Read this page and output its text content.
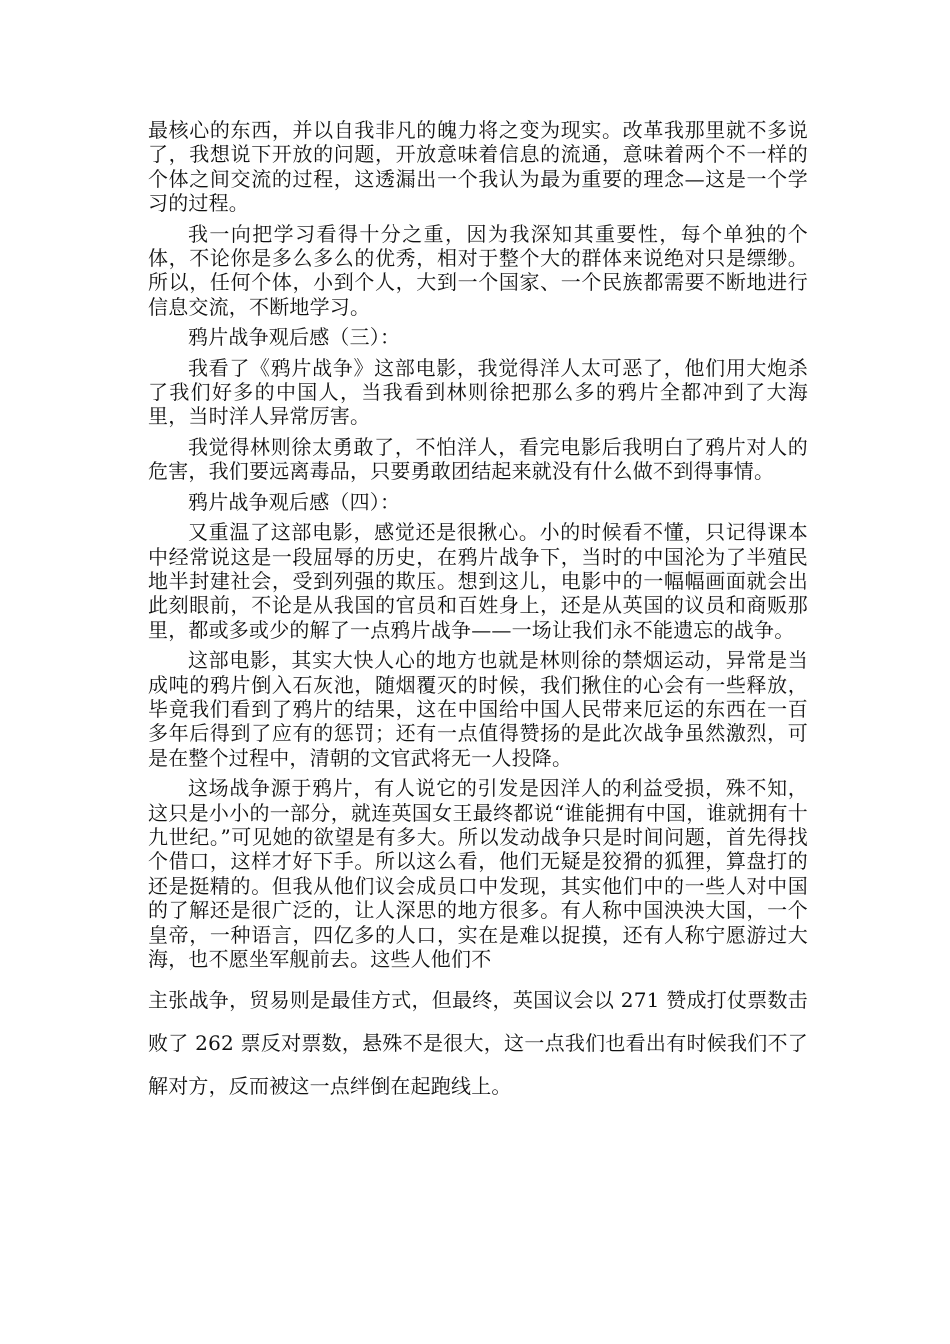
最核心的东西，并以自我非凡的魄力将之变为现实。改革我那里就不多说了，我想说下开放的问题，开放意味着信息的流通，意味着两个不一样的个体之间交流的过程，这透漏出一个我认为最为重要的理念—这是一个学习的过程。

我一向把学习看得十分之重，因为我深知其重要性，每个单独的个体，不论你是多么多么的优秀，相对于整个大的群体来说绝对只是缥缈。所以，任何个体，小到个人，大到一个国家、一个民族都需要不断地进行信息交流，不断地学习。

鸦片战争观后感（三）：

我看了《鸦片战争》这部电影，我觉得洋人太可恶了，他们用大炮杀了我们好多的中国人，当我看到林则徐把那么多的鸦片全都冲到了大海里，当时洋人异常厉害。

我觉得林则徐太勇敢了，不怕洋人，看完电影后我明白了鸦片对人的危害，我们要远离毒品，只要勇敢团结起来就没有什么做不到得事情。

鸦片战争观后感（四）：

又重温了这部电影，感觉还是很揪心。小的时候看不懂，只记得课本中经常说这是一段屈辱的历史，在鸦片战争下，当时的中国沦为了半殖民地半封建社会，受到列强的欺压。想到这儿，电影中的一幅幅画面就会出此刻眼前，不论是从我国的官员和百姓身上，还是从英国的议员和商贩那里，都或多或少的解了一点鸦片战争——一场让我们永不能遗忘的战争。

这部电影，其实大快人心的地方也就是林则徐的禁烟运动，异常是当成吨的鸦片倒入石灰池，随烟覆灭的时候，我们揪住的心会有一些释放，毕竟我们看到了鸦片的结果，这在中国给中国人民带来厄运的东西在一百多年后得到了应有的惩罚；还有一点值得赞扬的是此次战争虽然激烈，可是在整个过程中，清朝的文官武将无一人投降。

这场战争源于鸦片，有人说它的引发是因洋人的利益受损，殊不知，这只是小小的一部分，就连英国女王最终都说“谁能拥有中国，谁就拥有十九世纪。”可见她的欲望是有多大。所以发动战争只是时间问题，首先得找个借口，这样才好下手。所以这么看，他们无疑是狡猾的狐狸，算盘打的还是挺精的。但我从他们议会成员口中发现，其实他们中的一些人对中国的了解还是很广泛的，让人深思的地方很多。有人称中国泱泱大国，一个皇帝，一种语言，四亿多的人口，实在是难以捉摸，还有人称宁愿游过大海，也不愿坐军舰前去。这些人他们不

主张战争，贸易则是最佳方式，但最终，英国议会以 271 赞成打仗票数击败了 262 票反对票数，悬殊不是很大，这一点我们也看出有时候我们不了解对方，反而被这一点绊倒在起跑线上。
